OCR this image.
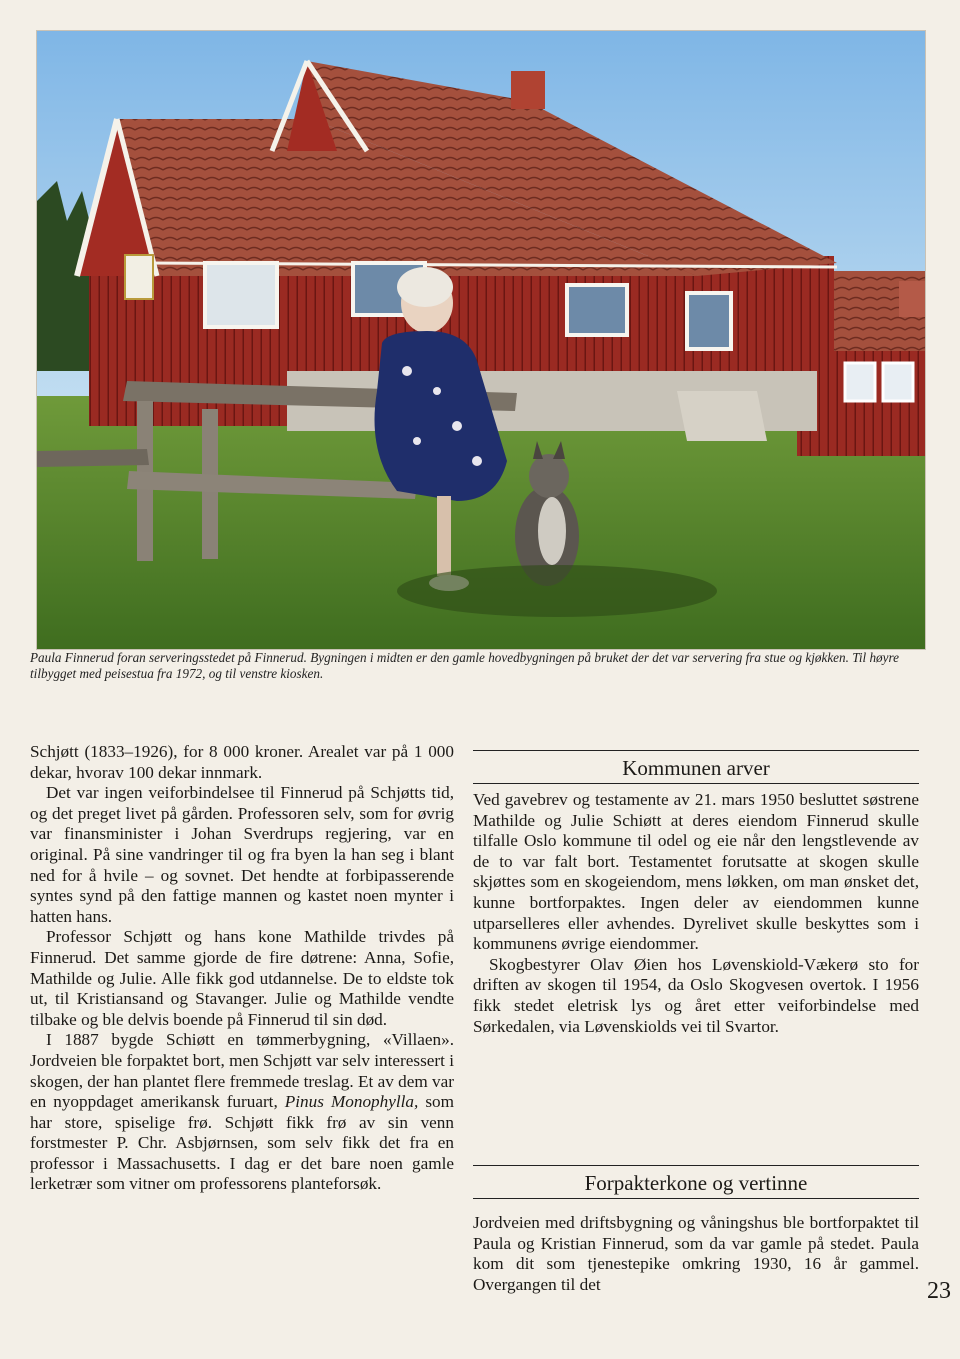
Paula Finnerud foran serveringsstedet på Finnerud. Bygningen i midten er den gamle hovedbygningen på bruket der det var servering fra stue og kjøkken. Til høyre tilbygget med peisestua fra 1972, og til venstre kiosken.

Schjøtt (1833–1926), for 8 000 kroner. Arealet var på 1 000 dekar, hvorav 100 dekar innmark.

Det var ingen veiforbindelsee til Finnerud på Schjøtts tid, og det preget livet på gården. Professoren selv, som for øvrig var finansminister i Johan Sverdrups regjering, var en original. På sine vandringer til og fra byen la han seg i blant ned for å hvile – og sovnet. Det hendte at forbipasserende syntes synd på den fattige mannen og kastet noen mynter i hatten hans.

Professor Schjøtt og hans kone Mathilde trivdes på Finnerud. Det samme gjorde de fire døtrene: Anna, Sofie, Mathilde og Julie. Alle fikk god utdannelse. De to eldste tok ut, til Kristiansand og Stavanger. Julie og Mathilde vendte tilbake og ble delvis boende på Finnerud til sin død.

I 1887 bygde Schiøtt en tømmerbygning, «Villaen». Jordveien ble forpaktet bort, men Schjøtt var selv interessert i skogen, der han plantet flere fremmede treslag. Et av dem var en nyoppdaget amerikansk furuart, Pinus Monophylla, som har store, spiselige frø. Schjøtt fikk frø av sin venn forstmester P. Chr. Asbjørnsen, som selv fikk det fra en professor i Massachusetts. I dag er det bare noen gamle lerketrær som vitner om professorens planteforsøk.

Kommunen arver

Ved gavebrev og testamente av 21. mars 1950 besluttet søstrene Mathilde og Julie Schiøtt at deres eiendom Finnerud skulle tilfalle Oslo kommune til odel og eie når den lengstlevende av de to var falt bort. Testamentet forutsatte at skogen skulle skjøttes som en skogeiendom, mens løkken, om man ønsket det, kunne bortforpaktes. Ingen deler av eiendommen kunne utparselleres eller avhendes. Dyrelivet skulle beskyttes som i kommunens øvrige eiendommer.

Skogbestyrer Olav Øien hos Løvenskiold-Vækerø sto for driften av skogen til 1954, da Oslo Skogvesen overtok. I 1956 fikk stedet eletrisk lys og året etter veiforbindelse med Sørkedalen, via Løvenskiolds vei til Svartor.

Forpakterkone og vertinne

Jordveien med driftsbygning og våningshus ble bortforpaktet til Paula og Kristian Finnerud, som da var gamle på stedet. Paula kom dit som tjenestepike omkring 1930, 16 år gammel. Overgangen til det	23
